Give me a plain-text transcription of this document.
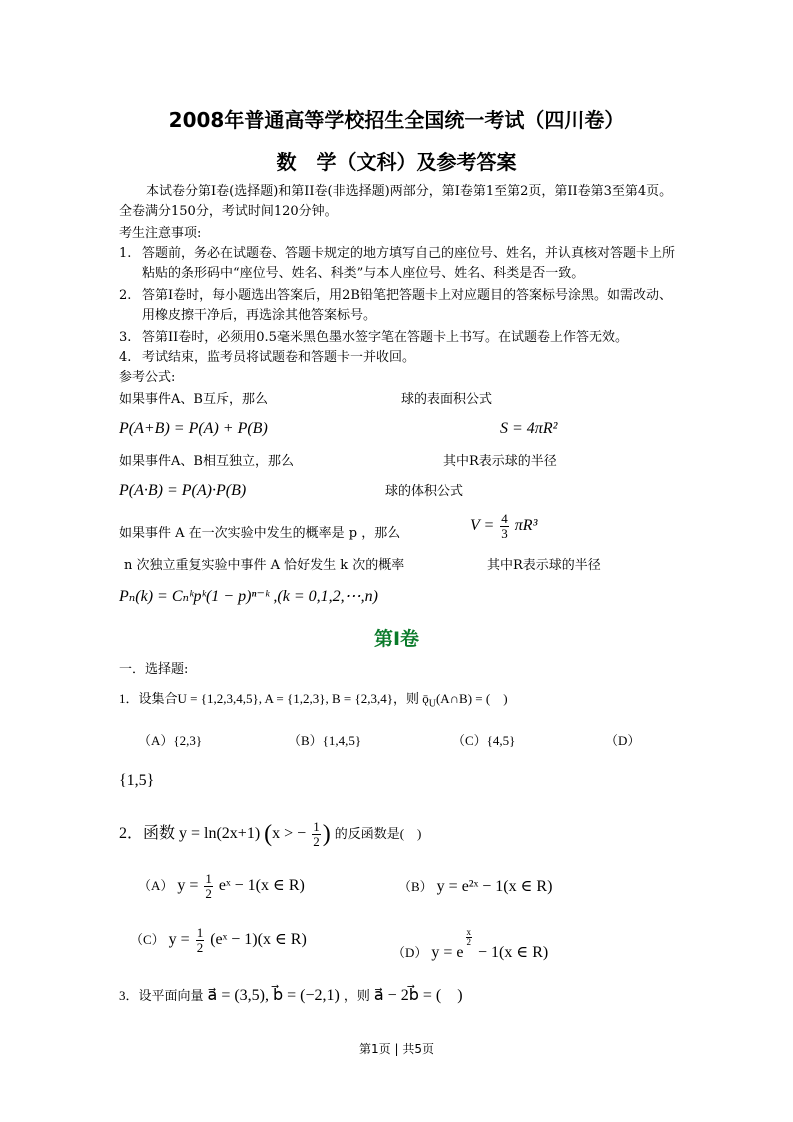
2008年普通高等学校招生全国统一考试（四川卷）
数　学（文科）及参考答案
本试卷分第I卷(选择题)和第II卷(非选择题)两部分，第I卷第1至第2页，第II卷第3至第4页。全卷满分150分，考试时间120分钟。
考生注意事项:
1. 答题前，务必在试题卷、答题卡规定的地方填写自己的座位号、姓名，并认真核对答题卡上所粘贴的条形码中“座位号、姓名、科类”与本人座位号、姓名、科类是否一致。
2. 答第I卷时，每小题选出答案后，用2B铅笔把答题卡上对应题目的答案标号涂黑。如需改动、用橡皮擦干净后，再选涂其他答案标号。
3. 答第II卷时，必须用0.5毫米黑色墨水签字笔在答题卡上书写。在试题卷上作答无效。
4. 考试结束，监考员将试题卷和答题卡一并收回。
参考公式:
如果事件A、B互斥，那么	球的表面积公式
P(A+B) = P(A) + P(B)	S = 4πR²
如果事件A、B相互独立，那么	其中R表示球的半径
P(A·B) = P(A)·P(B)	球的体积公式
如果事件 A 在一次实验中发生的概率是 p ，那么	$V = \frac{4}{3} \pi R^3$
n 次独立重复实验中事件 A 恰好发生 k 次的概率	其中R表示球的半径
Pₙ(k) = Cₙᵏpᵏ(1 − p)ⁿ⁻ᵏ ,(k = 0,1,2,⋯,n)
第I卷
一．选择题:
1．设集合U = {1,2,3,4,5}, A = {1,2,3}, B = {2,3,4}，则 $ǭ_U(A\cap B)$ = (　)
（A）{2,3}	（B）{1,4,5}	（C）{4,5}	（D）
{1,5}
2．函数 y = ln(2x+1) (x > − $\frac{1}{2}$ ) 的反函数是(　)
（A） $y = \frac{1}{2}$ eˣ − 1(x ∈ R)	（B） y = e²ˣ − 1(x ∈ R)
（C） $y = \frac{1}{2}$ (eˣ − 1)(x ∈ R)
（D） y = e
$\frac{x}{2}$
− 1(x ∈ R)
3．设平面向量 a⃗ = (3,5), b⃗ = (−2,1) ，则 a⃗ − 2b⃗ = (　)
第1页 | 共5页
